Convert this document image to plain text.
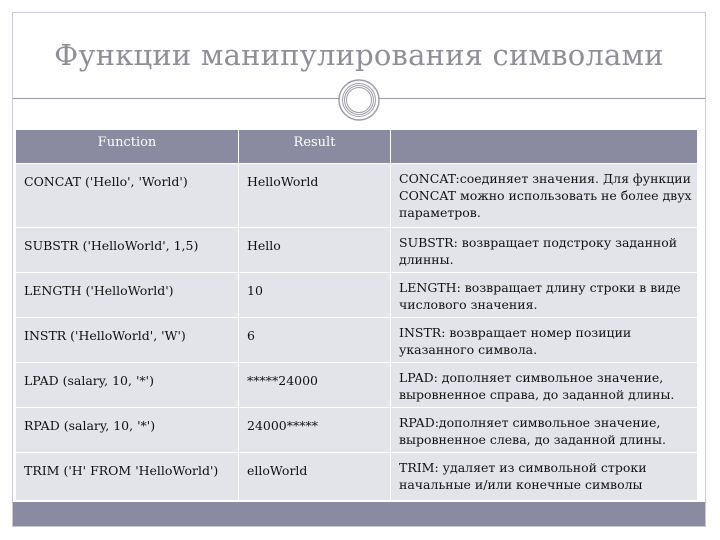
Функции манипулирования символами
Function	Result	
CONCAT ('Hello', 'World')	HelloWorld	CONCAT:соединяет значения. Для функции CONCAT можно использовать не более двух параметров.
SUBSTR ('HelloWorld', 1,5)	Hello	SUBSTR: возвращает подстроку заданной длинны.
LENGTH ('HelloWorld')	10	LENGTH: возвращает длину строки в виде числового значения.
INSTR ('HelloWorld', 'W')	6	INSTR: возвращает номер позиции указанного символа.
LPAD (salary, 10, '*')	*****24000	LPAD: дополняет символьное значение, выровненное справа, до заданной длины.
RPAD (salary, 10, '*')	24000*****	RPAD:дополняет символьное значение, выровненное слева, до заданной длины.
TRIM ('H' FROM 'HelloWorld')	elloWorld	TRIM: удаляет из символьной строки начальные и/или конечные символы
